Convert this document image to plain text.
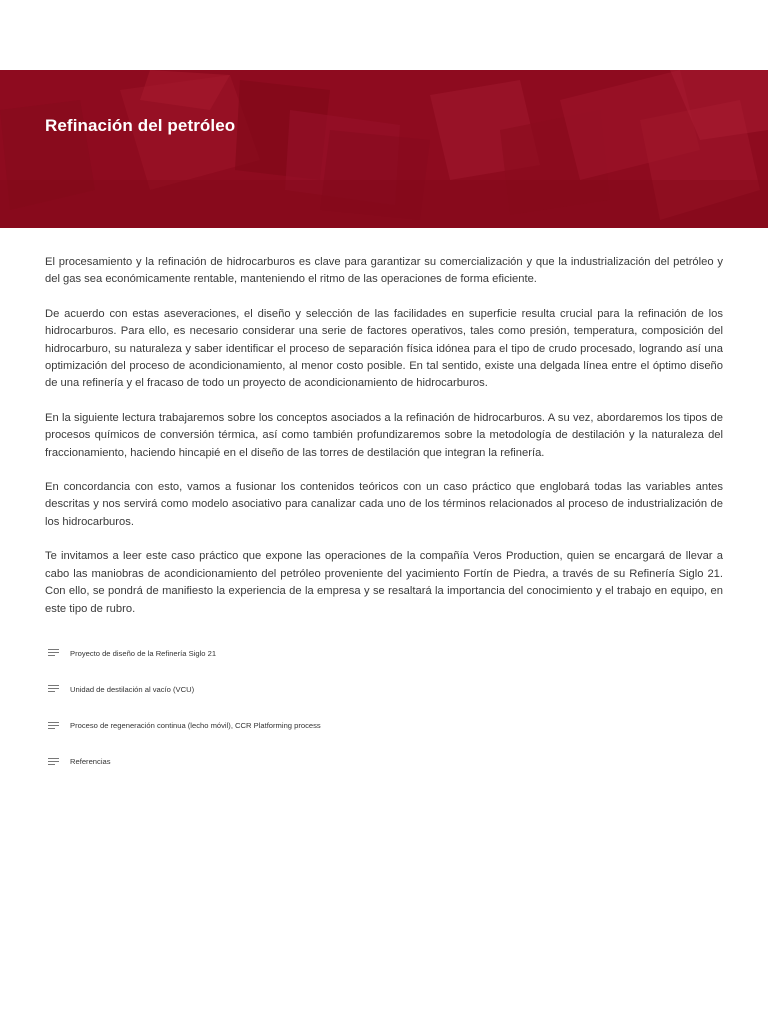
Refinación del petróleo

El procesamiento y la refinación de hidrocarburos es clave para garantizar su comercialización y que la industrialización del petróleo y del gas sea económicamente rentable, manteniendo el ritmo de las operaciones de forma eficiente.

De acuerdo con estas aseveraciones, el diseño y selección de las facilidades en superficie resulta crucial para la refinación de los hidrocarburos. Para ello, es necesario considerar una serie de factores operativos, tales como presión, temperatura, composición del hidrocarburo, su naturaleza y saber identificar el proceso de separación física idónea para el tipo de crudo procesado, logrando así una optimización del proceso de acondicionamiento, al menor costo posible. En tal sentido, existe una delgada línea entre el óptimo diseño de una refinería y el fracaso de todo un proyecto de acondicionamiento de hidrocarburos.

En la siguiente lectura trabajaremos sobre los conceptos asociados a la refinación de hidrocarburos. A su vez, abordaremos los tipos de procesos químicos de conversión térmica, así como también profundizaremos sobre la metodología de destilación y la naturaleza del fraccionamiento, haciendo hincapié en el diseño de las torres de destilación que integran la refinería.

En concordancia con esto, vamos a fusionar los contenidos teóricos con un caso práctico que englobará todas las variables antes descritas y nos servirá como modelo asociativo para canalizar cada uno de los términos relacionados al proceso de industrialización de los hidrocarburos.

Te invitamos a leer este caso práctico que expone las operaciones de la compañía Veros Production, quien se encargará de llevar a cabo las maniobras de acondicionamiento del petróleo proveniente del yacimiento Fortín de Piedra, a través de su Refinería Siglo 21. Con ello, se pondrá de manifiesto la experiencia de la empresa y se resaltará la importancia del conocimiento y el trabajo en equipo, en este tipo de rubro.

Proyecto de diseño de la Refinería Siglo 21
Unidad de destilación al vacío (VCU)
Proceso de regeneración continua (lecho móvil), CCR Platforming process
Referencias
